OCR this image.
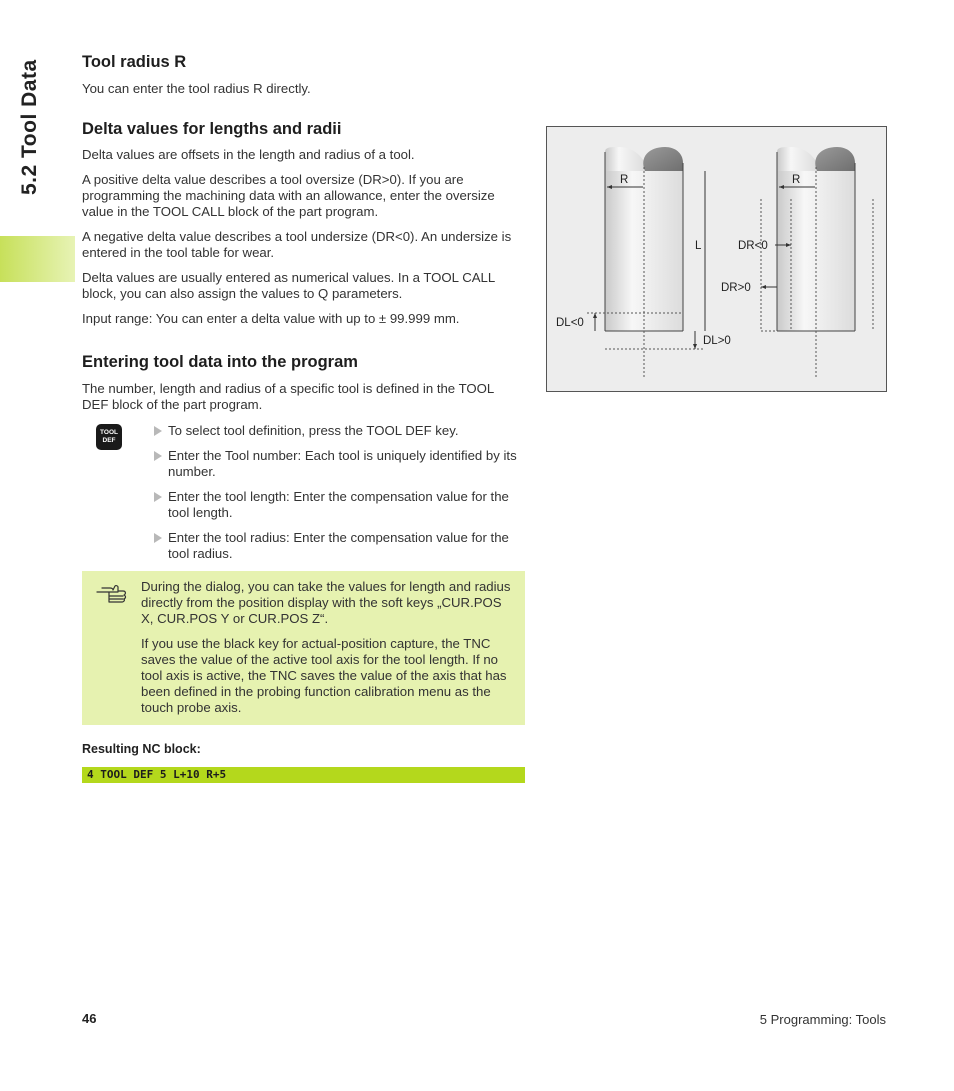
5.2 Tool Data Tool radius R

You can enter the tool radius R directly.

Delta values for lengths and radii

Delta values are offsets in the length and radius of a tool.

A positive delta value describes a tool oversize (DR>0). If you are programming the machining data with an allowance, enter the oversize value in the TOOL CALL block of the part program.

A negative delta value describes a tool undersize (DR<0). An undersize is entered in the tool table for wear.

Delta values are usually entered as numerical values. In a TOOL CALL block, you can also assign the values to Q parameters.

Input range: You can enter a delta value with up to ± 99.999 mm.

Entering tool data into the program

The number, length and radius of a specific tool is defined in the TOOL DEF block of the part program.

TOOL
DEF
To select tool definition, press the TOOL DEF key.
Enter the Tool number: Each tool is uniquely identified by its number.
Enter the tool length: Enter the compensation value for the tool length.
Enter the tool radius: Enter the compensation value for the tool radius.

During the dialog, you can take the values for length and radius directly from the position display with the soft keys „CUR.POS X, CUR.POS Y or CUR.POS Z“.

If you use the black key for actual-position capture, the TNC saves the value of the active tool axis for the tool length. If no tool axis is active, the TNC saves the value of the axis that has been defined in the probing function calibration menu as the touch probe axis.

Resulting NC block:

4 TOOL DEF 5 L+10 R+5
R
L
DL<0
DL>0
R
DR<0
DR>0
46	5 Programming: Tools
